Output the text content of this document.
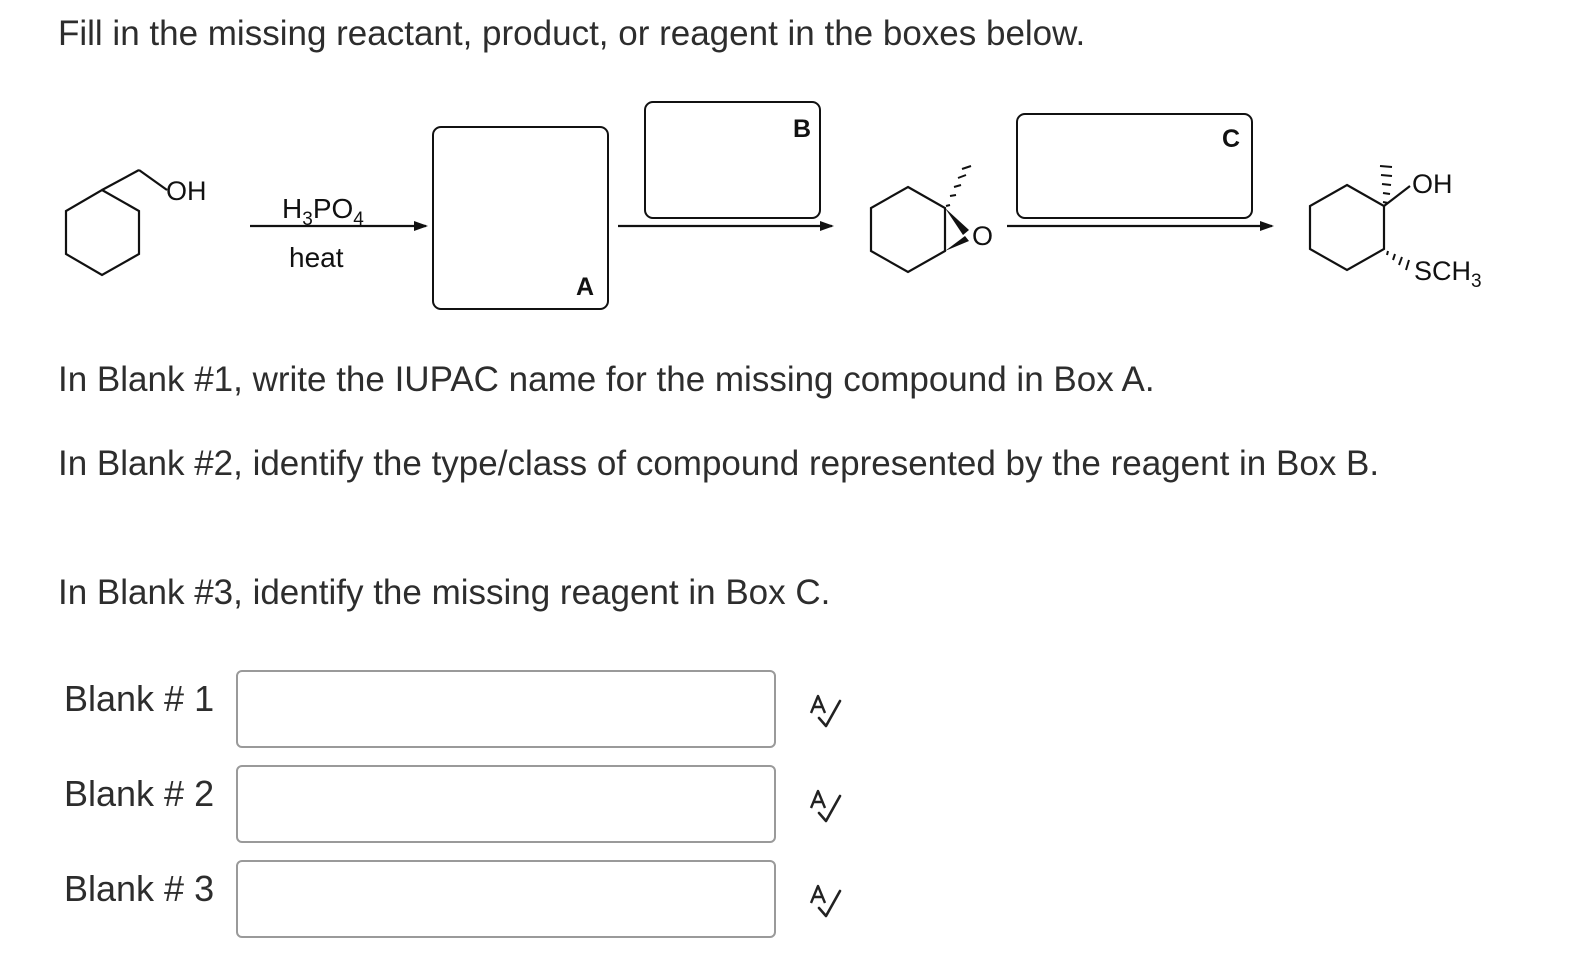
Fill in the missing reactant, product, or reagent in the boxes below.
OH
$H_3PO_4$
heat
A
B
O
C
OH
$SCH_3$
In Blank #1, write the IUPAC name for the missing compound in Box A.
In Blank #2, identify the type/class of compound represented by the reagent in Box B.
In Blank #3, identify the missing reagent in Box C.
Blank # 1
Blank # 2
Blank # 3
